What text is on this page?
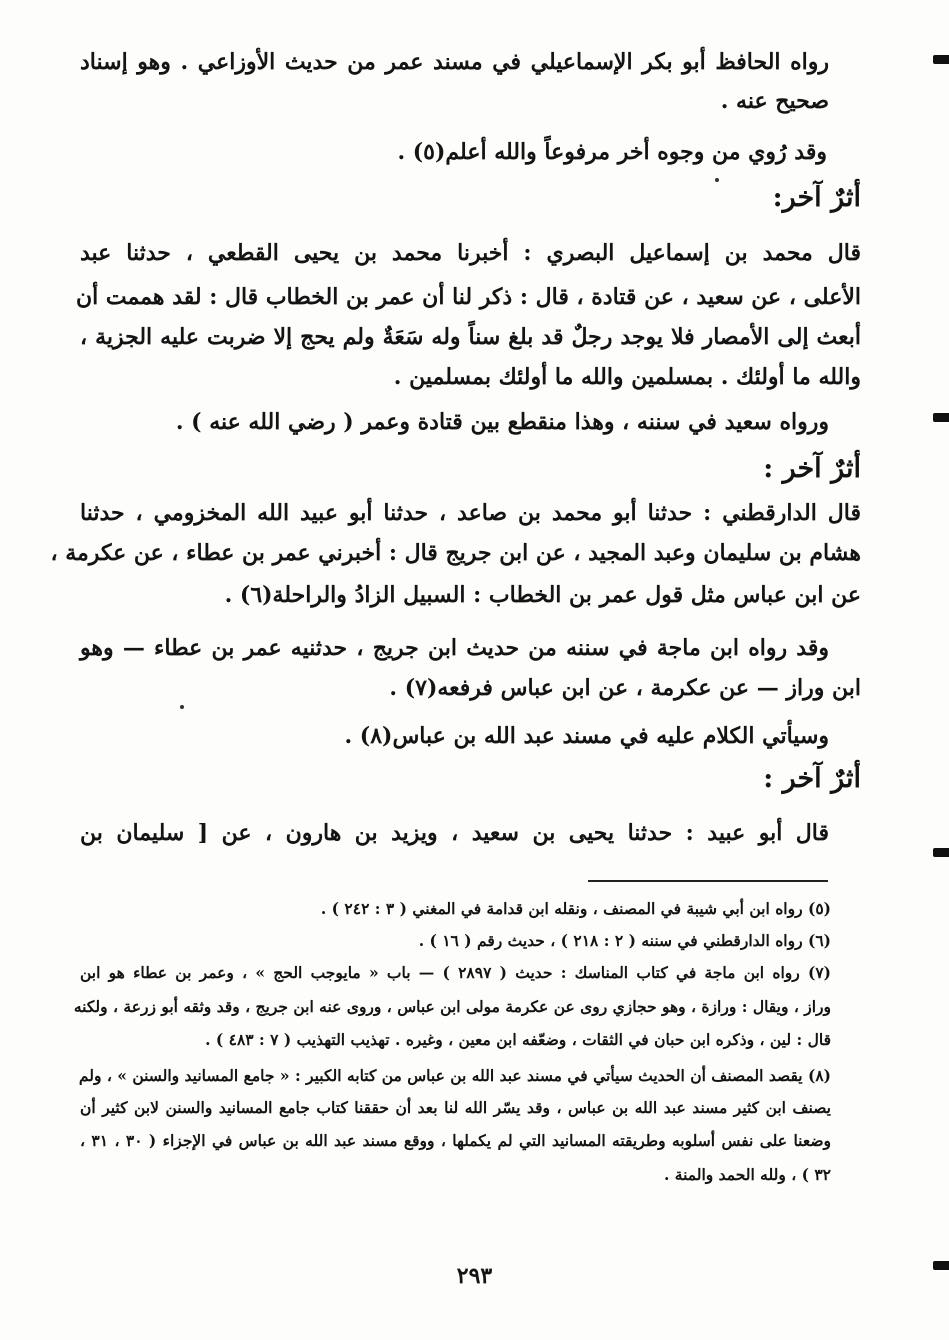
رواه الحافظ أبو بكر الإسماعيلي في مسند عمر من حديث الأوزاعي . وهو إسناد
صحيح عنه .
وقد رُوي من وجوه أخر مرفوعاً والله أعلم(٥) .
أثرٌ آخر:
قال محمد بن إسماعيل البصري : أخبرنا محمد بن يحيى القطعي ، حدثنا عبد
الأعلى ، عن سعيد ، عن قتادة ، قال : ذكر لنا أن عمر بن الخطاب قال : لقد هممت أن
أبعث إلى الأمصار فلا يوجد رجلٌ قد بلغ سناً وله سَعَةٌ ولم يحج إلا ضربت عليه الجزية ،
والله ما أولئك . بمسلمين والله ما أولئك بمسلمين .
ورواه سعيد في سننه ، وهذا منقطع بين قتادة وعمر ( رضي الله عنه ) .
أثرٌ آخر :
قال الدارقطني : حدثنا أبو محمد بن صاعد ، حدثنا أبو عبيد الله المخزومي ، حدثنا
هشام بن سليمان وعبد المجيد ، عن ابن جريج قال : أخبرني عمر بن عطاء ، عن عكرمة ،
عن ابن عباس مثل قول عمر بن الخطاب : السبيل الزادُ والراحلة(٦) .
وقد رواه ابن ماجة في سننه من حديث ابن جريج ، حدثنيه عمر بن عطاء — وهو
ابن وراز — عن عكرمة ، عن ابن عباس فرفعه(٧) .
وسيأتي الكلام عليه في مسند عبد الله بن عباس(٨) .
أثرٌ آخر :
قال أبو عبيد : حدثنا يحيى بن سعيد ، ويزيد بن هارون ، عن [ سليمان بن
(٥) رواه ابن أبي شيبة في المصنف ، ونقله ابن قدامة في المغني ( ٣ : ٢٤٢ ) .
(٦) رواه الدارقطني في سننه ( ٢ : ٢١٨ ) ، حديث رقم ( ١٦ ) .
(٧) رواه ابن ماجة في كتاب المناسك : حديث ( ٢٨٩٧ ) — باب « مايوجب الحج » ، وعمر بن عطاء هو ابن
وراز ، ويقال : ورازة ، وهو حجازي روى عن عكرمة مولى ابن عباس ، وروى عنه ابن جريج ، وقد وثقه أبو زرعة ، ولكنه
قال : لين ، وذكره ابن حبان في الثقات ، وضعّفه ابن معين ، وغيره . تهذيب التهذيب ( ٧ : ٤٨٣ ) .
(٨) يقصد المصنف أن الحديث سيأتي في مسند عبد الله بن عباس من كتابه الكبير : « جامع المسانيد والسنن » ، ولم
يصنف ابن كثير مسند عبد الله بن عباس ، وقد يسّر الله لنا بعد أن حققنا كتاب جامع المسانيد والسنن لابن كثير أن
وضعنا على نفس أسلوبه وطريقته المسانيد التي لم يكملها ، ووقع مسند عبد الله بن عباس في الإجزاء ( ٣٠ ، ٣١ ،
٣٢ ) ، ولله الحمد والمنة .
٢٩٣
